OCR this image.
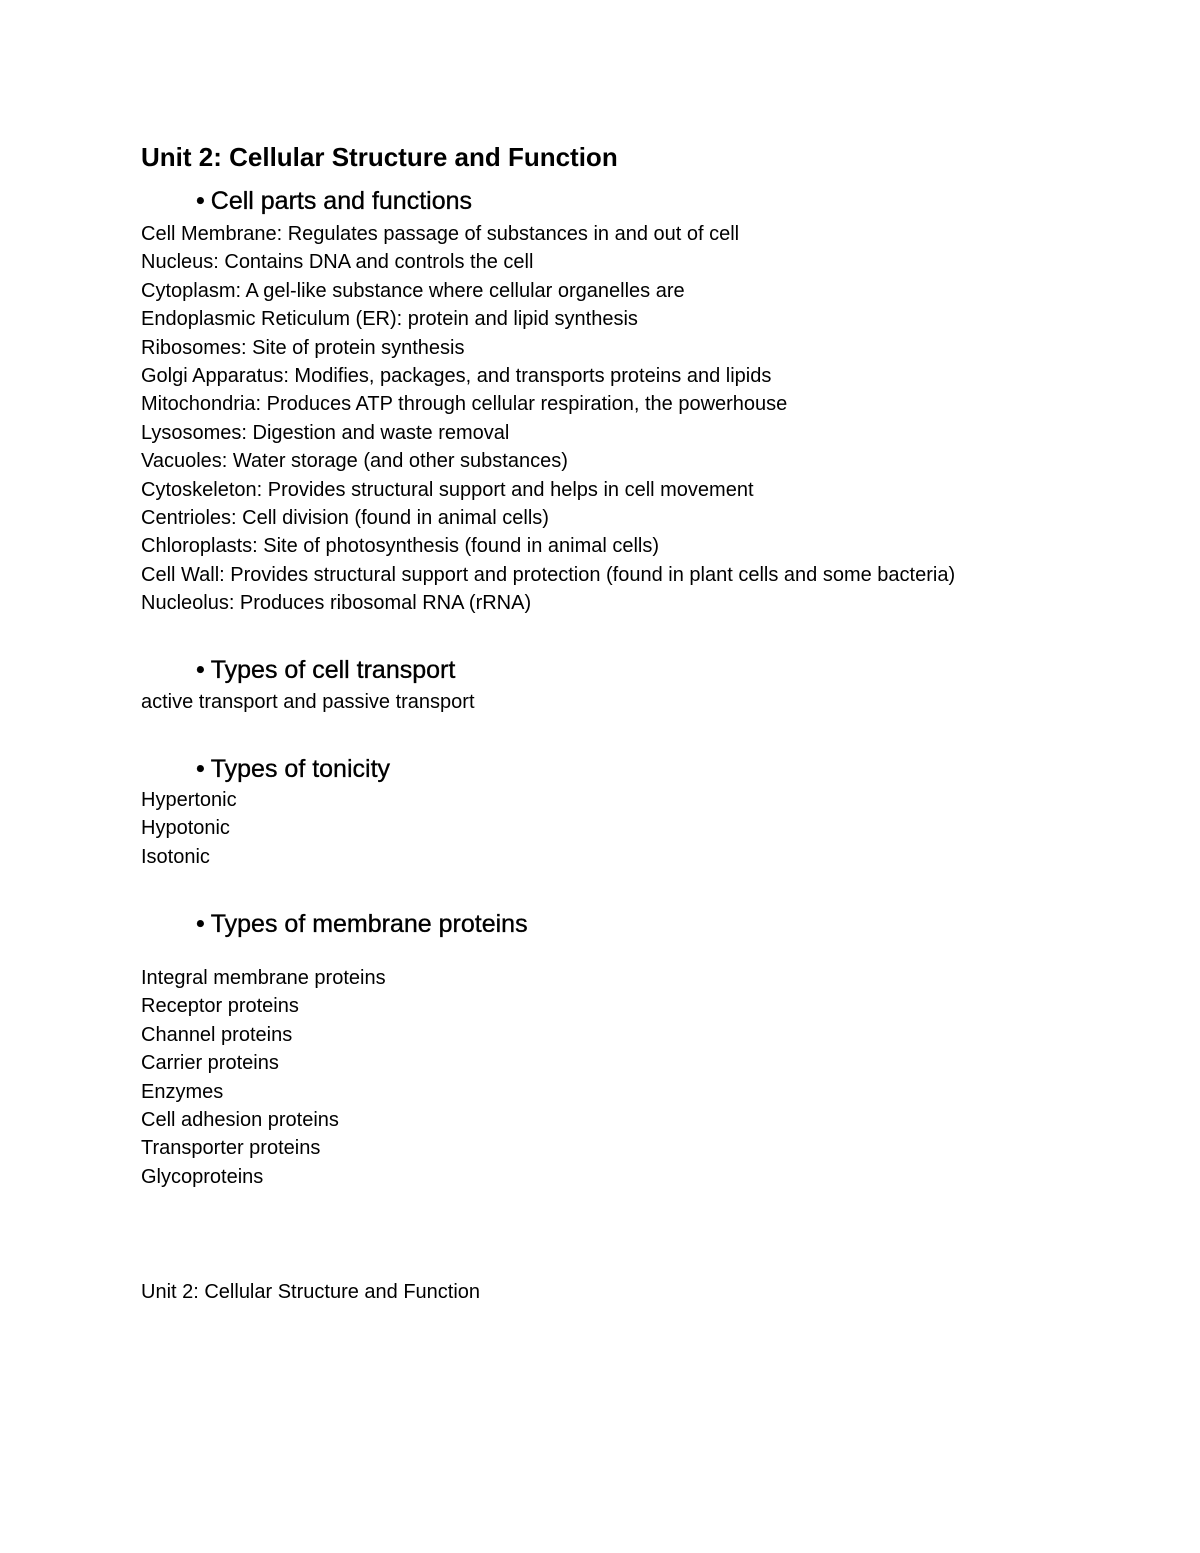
Unit 2: Cellular Structure and Function
• Cell parts and functions
Cell Membrane: Regulates passage of substances in and out of cell
Nucleus: Contains DNA and controls the cell
Cytoplasm: A gel-like substance where cellular organelles are
Endoplasmic Reticulum (ER): protein and lipid synthesis
Ribosomes: Site of protein synthesis
Golgi Apparatus: Modifies, packages, and transports proteins and lipids
Mitochondria: Produces ATP through cellular respiration, the powerhouse
Lysosomes: Digestion and waste removal
Vacuoles: Water storage (and other substances)
Cytoskeleton: Provides structural support and helps in cell movement
Centrioles: Cell division (found in animal cells)
Chloroplasts: Site of photosynthesis (found in animal cells)
Cell Wall: Provides structural support and protection (found in plant cells and some bacteria)
Nucleolus: Produces ribosomal RNA (rRNA)
• Types of cell transport
active transport and passive transport
• Types of tonicity
Hypertonic
Hypotonic
Isotonic
• Types of membrane proteins
Integral membrane proteins
Receptor proteins
Channel proteins
Carrier proteins
Enzymes
Cell adhesion proteins
Transporter proteins
Glycoproteins
Unit 2: Cellular Structure and Function
